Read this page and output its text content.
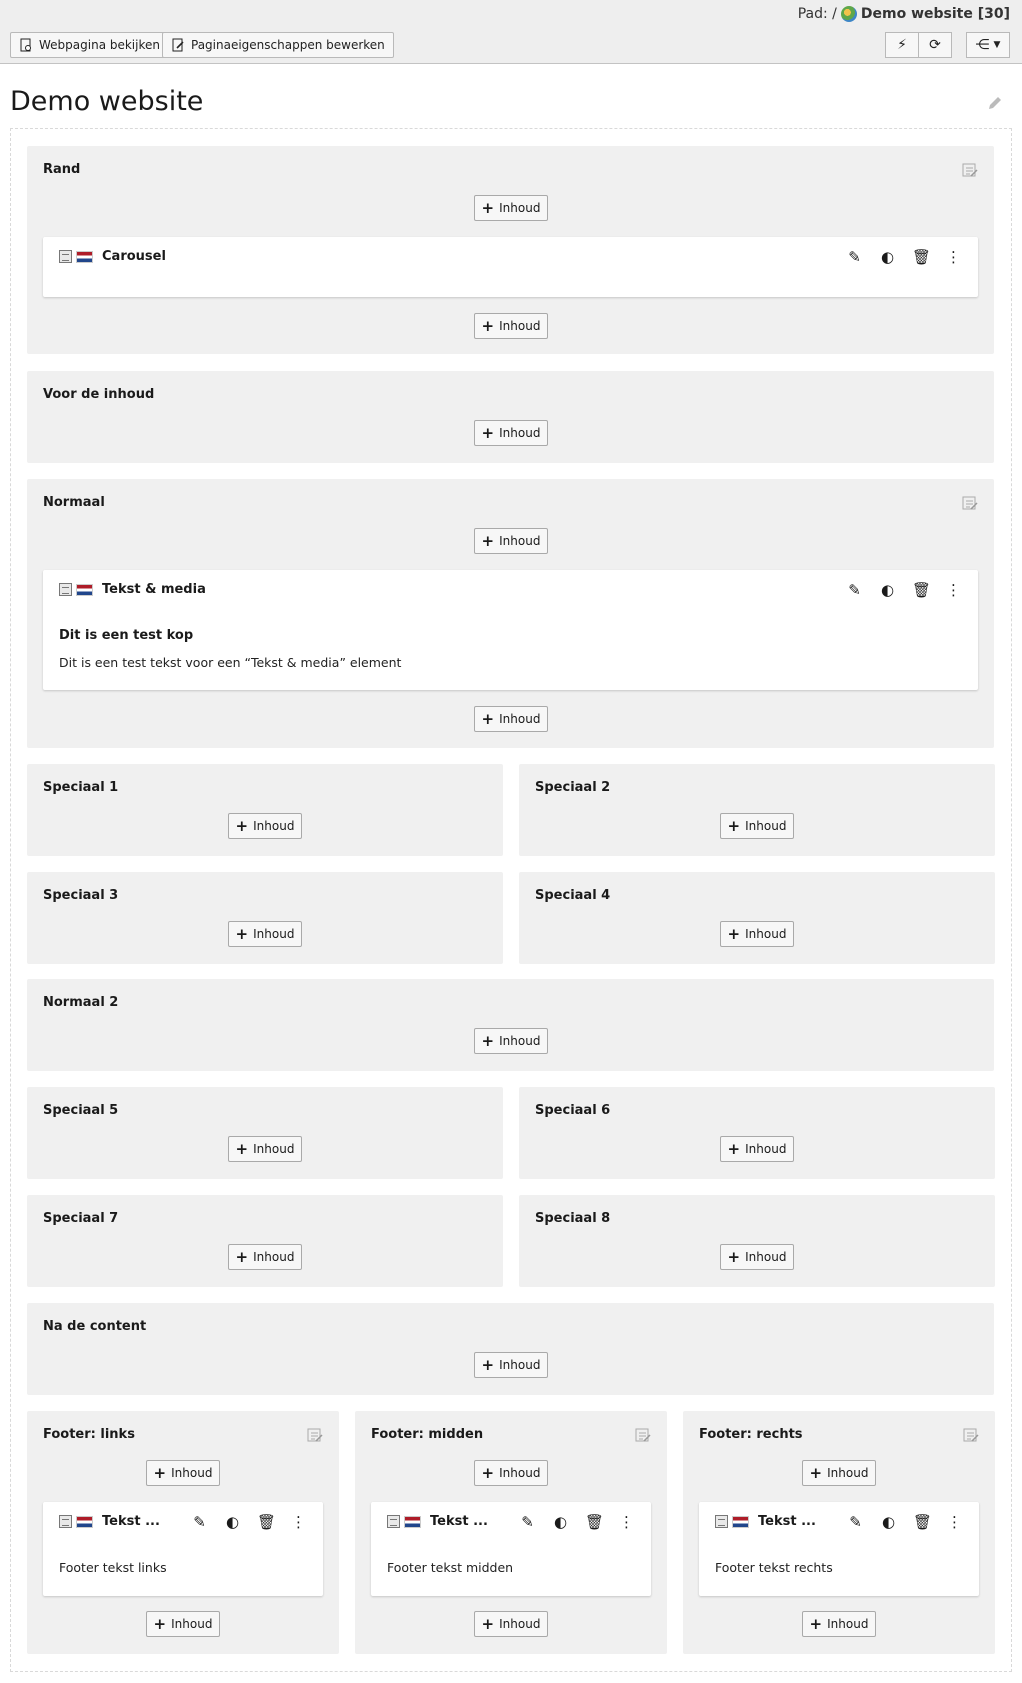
Pad: / Demo website [30]
Webpagina bekijken	Paginaeigenschappen bewerken	⚡ ⟳ ⋲ ▼
Demo website
Rand
+ Inhoud
Carousel	✎ ◐ 🗑 ⋮
+ Inhoud
Voor de inhoud
+ Inhoud
Normaal
+ Inhoud
Tekst & media	✎ ◐ 🗑 ⋮
Dit is een test kop
Dit is een test tekst voor een “Tekst & media” element
+ Inhoud
Speciaal 1
+ Inhoud
Speciaal 2
+ Inhoud
Speciaal 3
+ Inhoud
Speciaal 4
+ Inhoud
Normaal 2
+ Inhoud
Speciaal 5
+ Inhoud
Speciaal 6
+ Inhoud
Speciaal 7
+ Inhoud
Speciaal 8
+ Inhoud
Na de content
+ Inhoud
Footer: links
+ Inhoud
Tekst ... ✎ ◐ 🗑 ⋮
Footer tekst links
+ Inhoud
Footer: midden
+ Inhoud
Tekst ... ✎ ◐ 🗑 ⋮
Footer tekst midden
+ Inhoud
Footer: rechts
+ Inhoud
Tekst ... ✎ ◐ 🗑 ⋮
Footer tekst rechts
+ Inhoud
